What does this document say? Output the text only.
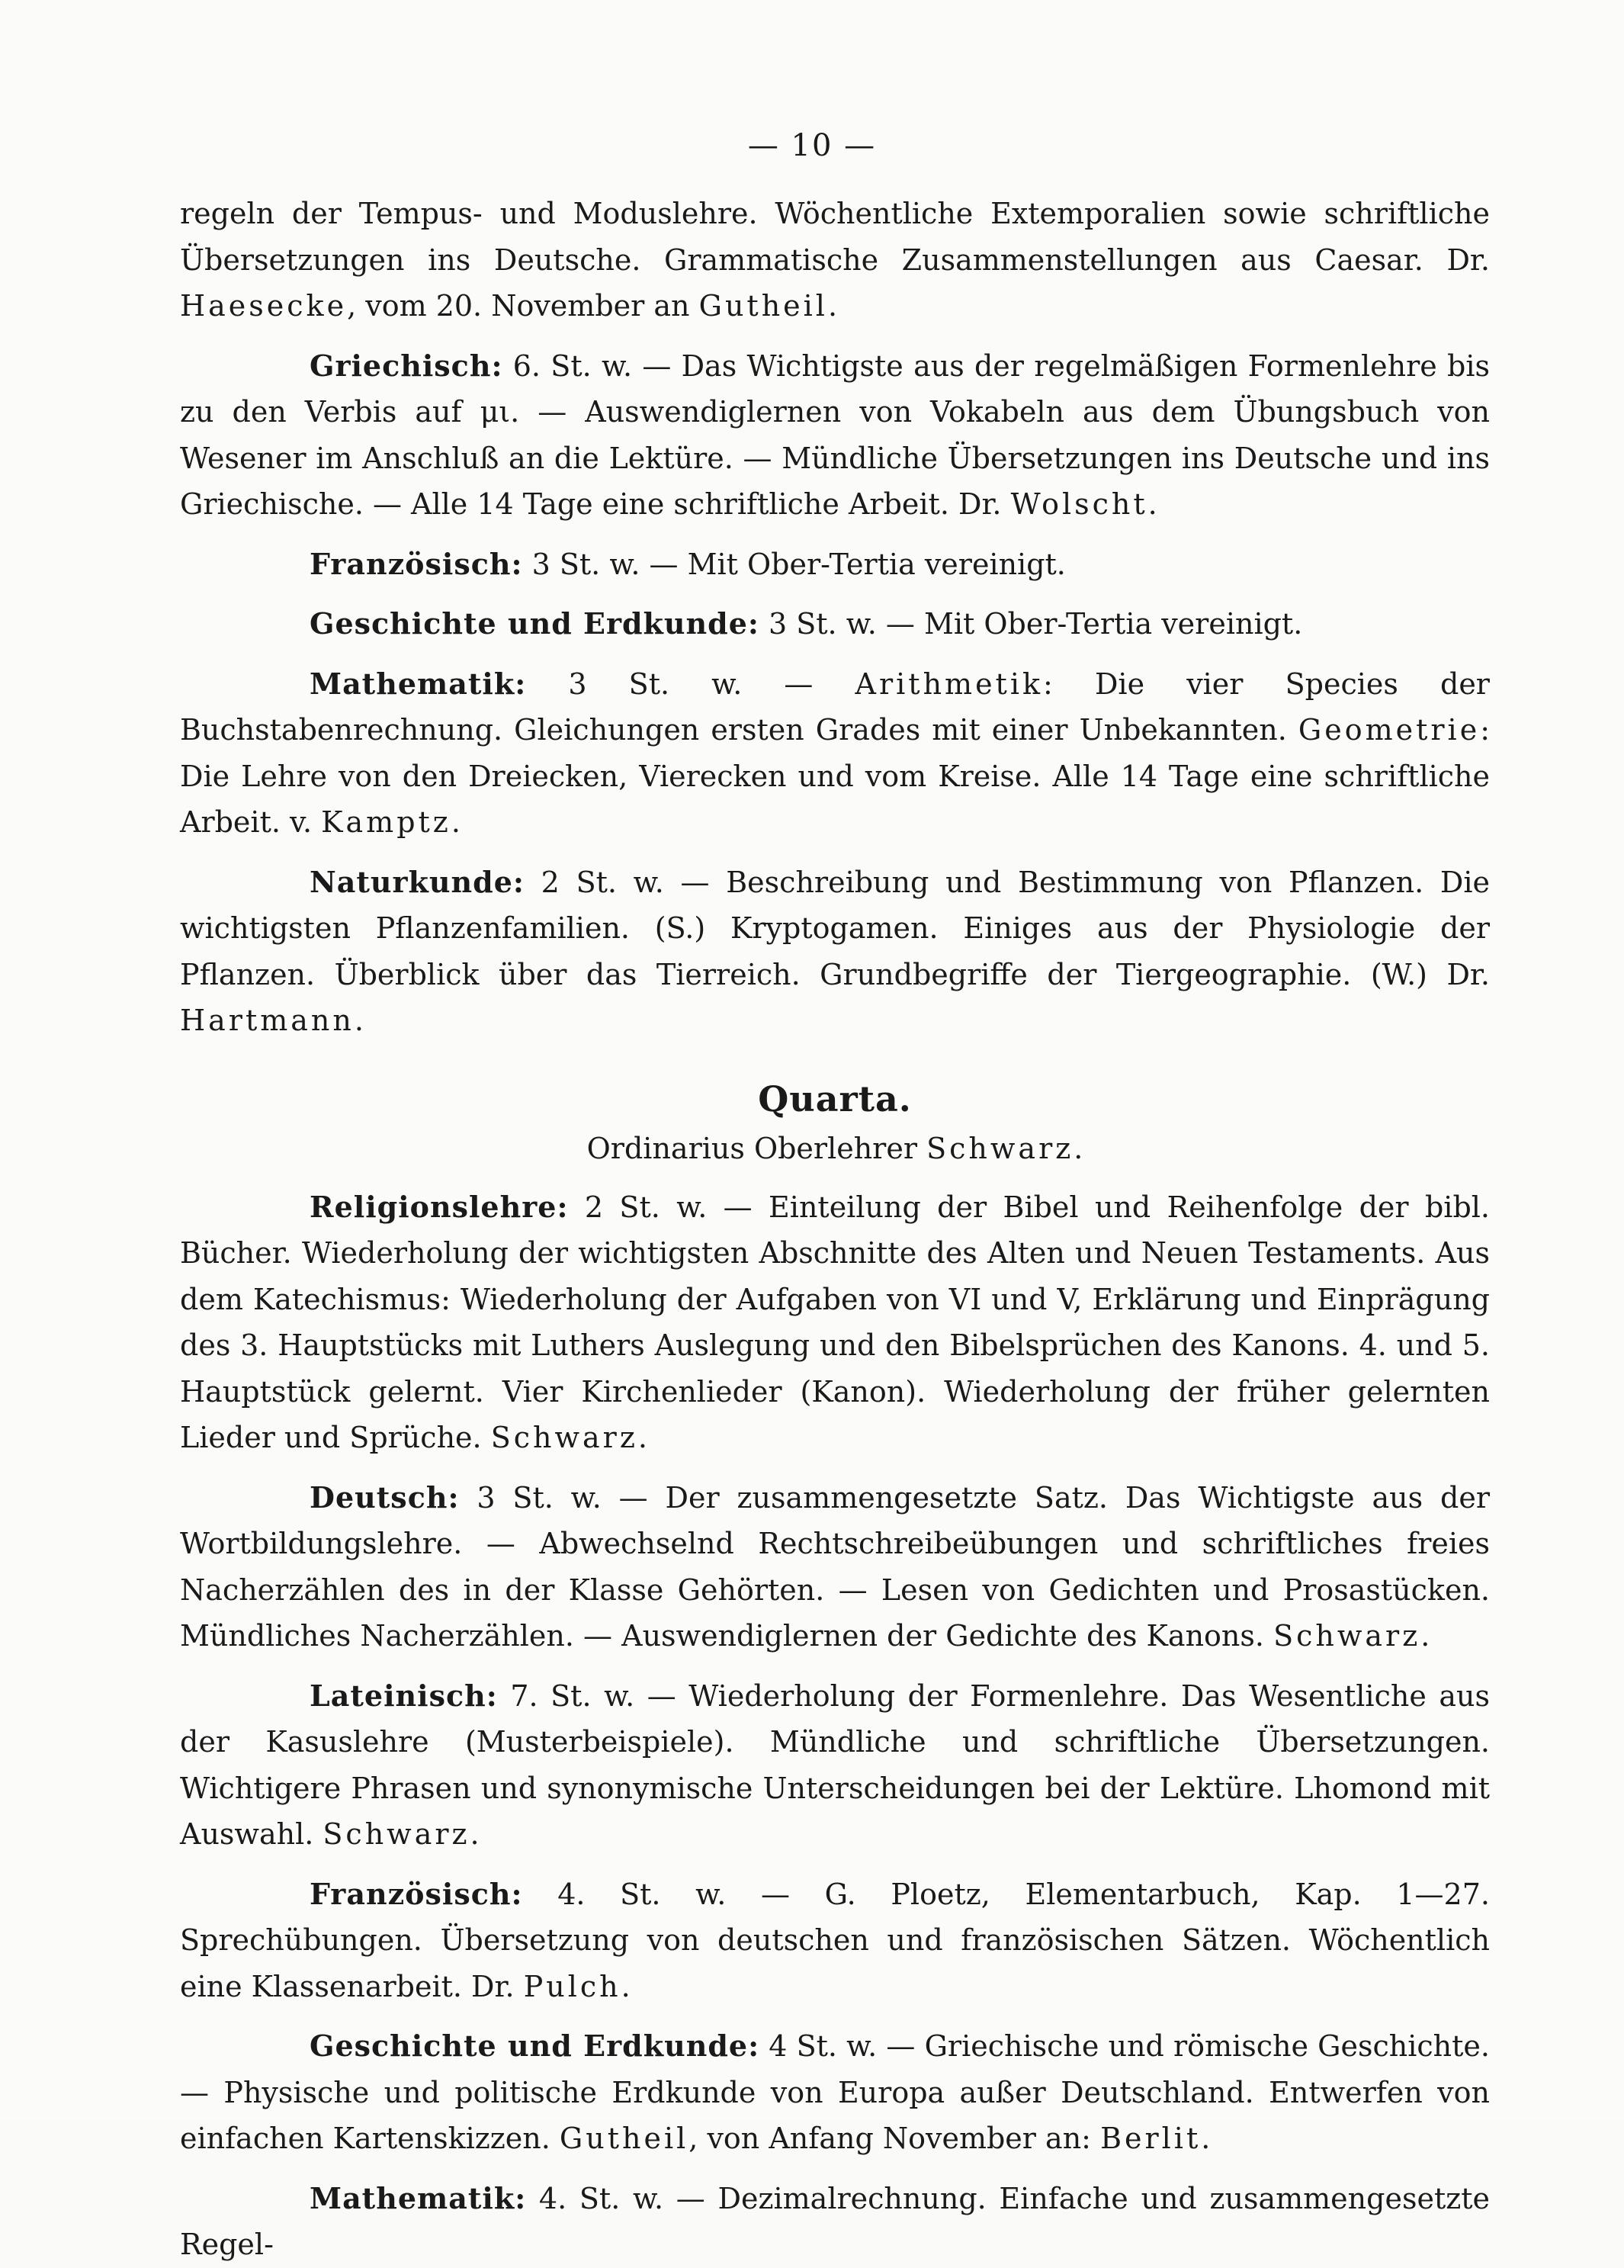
— 10 —

regeln der Tempus- und Moduslehre. Wöchentliche Extemporalien sowie schriftliche Übersetzungen ins Deutsche. Grammatische Zusammenstellungen aus Caesar. Dr. Haesecke, vom 20. November an Gutheil.

Griechisch: 6. St. w. — Das Wichtigste aus der regelmäßigen Formenlehre bis zu den Verbis auf μι. — Auswendiglernen von Vokabeln aus dem Übungsbuch von Wesener im Anschluß an die Lektüre. — Mündliche Übersetzungen ins Deutsche und ins Griechische. — Alle 14 Tage eine schriftliche Arbeit. Dr. Wolscht.

Französisch: 3 St. w. — Mit Ober-Tertia vereinigt.

Geschichte und Erdkunde: 3 St. w. — Mit Ober-Tertia vereinigt.

Mathematik: 3 St. w. — Arithmetik: Die vier Species der Buchstabenrechnung. Gleichungen ersten Grades mit einer Unbekannten. Geometrie: Die Lehre von den Dreiecken, Vierecken und vom Kreise. Alle 14 Tage eine schriftliche Arbeit. v. Kamptz.

Naturkunde: 2 St. w. — Beschreibung und Bestimmung von Pflanzen. Die wichtigsten Pflanzenfamilien. (S.) Kryptogamen. Einiges aus der Physiologie der Pflanzen. Überblick über das Tierreich. Grundbegriffe der Tiergeographie. (W.) Dr. Hartmann.

Quarta.
Ordinarius Oberlehrer Schwarz.

Religionslehre: 2 St. w. — Einteilung der Bibel und Reihenfolge der bibl. Bücher. Wiederholung der wichtigsten Abschnitte des Alten und Neuen Testaments. Aus dem Katechismus: Wiederholung der Aufgaben von VI und V, Erklärung und Einprägung des 3. Hauptstücks mit Luthers Auslegung und den Bibelsprüchen des Kanons. 4. und 5. Hauptstück gelernt. Vier Kirchenlieder (Kanon). Wiederholung der früher gelernten Lieder und Sprüche. Schwarz.

Deutsch: 3 St. w. — Der zusammengesetzte Satz. Das Wichtigste aus der Wortbildungslehre. — Abwechselnd Rechtschreibeübungen und schriftliches freies Nacherzählen des in der Klasse Gehörten. — Lesen von Gedichten und Prosastücken. Mündliches Nacherzählen. — Auswendiglernen der Gedichte des Kanons. Schwarz.

Lateinisch: 7. St. w. — Wiederholung der Formenlehre. Das Wesentliche aus der Kasuslehre (Musterbeispiele). Mündliche und schriftliche Übersetzungen. Wichtigere Phrasen und synonymische Unterscheidungen bei der Lektüre. Lhomond mit Auswahl. Schwarz.

Französisch: 4. St. w. — G. Ploetz, Elementarbuch, Kap. 1—27. Sprechübungen. Übersetzung von deutschen und französischen Sätzen. Wöchentlich eine Klassenarbeit. Dr. Pulch.

Geschichte und Erdkunde: 4 St. w. — Griechische und römische Geschichte. — Physische und politische Erdkunde von Europa außer Deutschland. Entwerfen von einfachen Kartenskizzen. Gutheil, von Anfang November an: Berlit.

Mathematik: 4. St. w. — Dezimalrechnung. Einfache und zusammengesetzte Regel-
